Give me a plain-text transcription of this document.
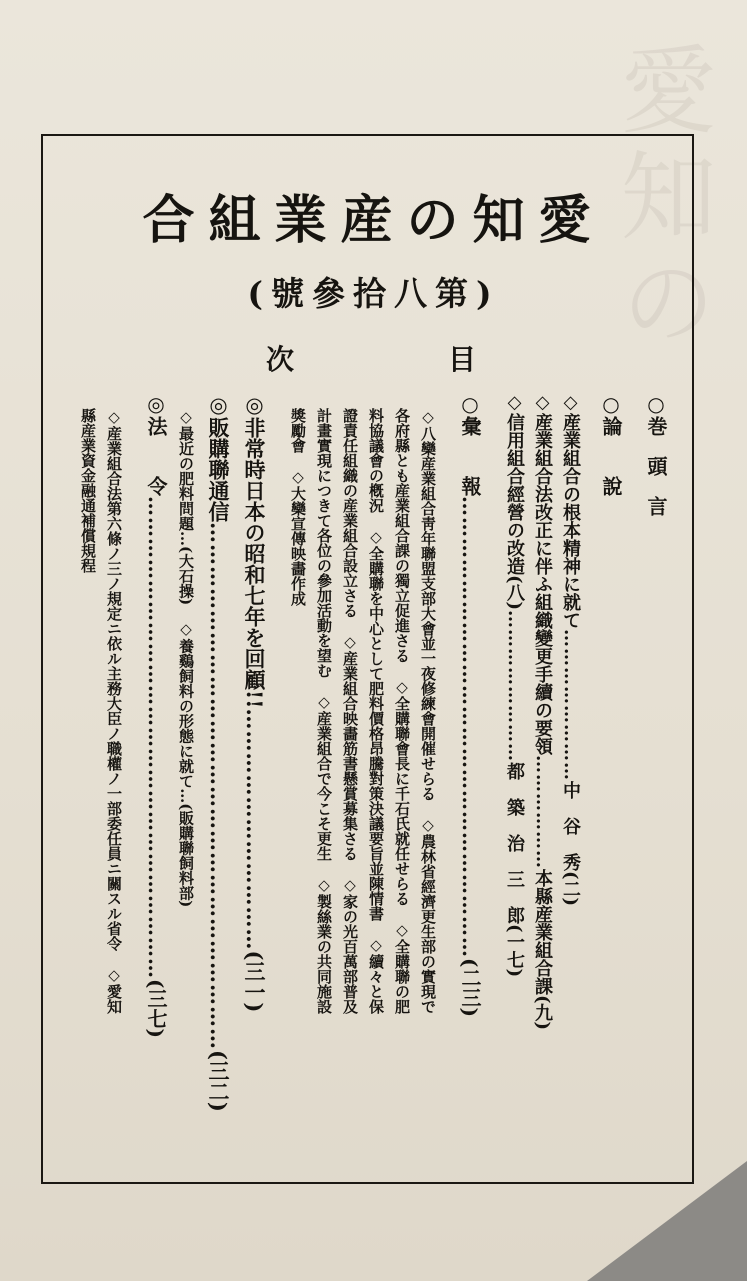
愛知の
愛知の産業組合
(第八拾參號)
目
次
○巻　頭　言
○論　　說
◇産業組合の根本精神に就て……………………中　谷　秀(二)
◇産業組合法改正に伴ふ組織變更手續の要領………………本縣産業組合課(九)
◇信用組合經營の改造(八)……………………都　築　治　三　郎(一七)
○彙　　報…………………………………………………………(二三)
◇八欒産業組合靑年聯盟支部大會並一夜修練會開催せらる　◇農林省經濟更生部の實現で
各府縣とも産業組合課の獨立促進さる　◇全購聯會長に千石氏就任せらる　◇全購聯の肥
料協議會の槪況　◇全購聯を中心として肥料價格昂騰對策決議要旨並陳情書　◇續々と保
證責任組織の産業組合設立さる　◇産業組合映畵筋書懸賞募集さる　◇家の光百萬部普及
計畫實現につきて各位の參加活動を望む　◇産業組合で今こそ更生　◇製絲業の共同施設
獎勵會　◇大欒宣傳映畵作成
◎非常時日本の昭和七年を回顧!!……………………………(三一)
◎販購聯通信………………………………………………………………(三二)
◇最近の肥料問題…(大石操)　◇養鷄飼料の形態に就て…(販購聯飼料部)
◎法　　令……………………………………………………………(三七)
◇産業組合法第六條ノ三ノ規定ニ依ル主務大臣ノ職權ノ一部委任員ニ關スル省令　◇愛知
縣産業資金融通補償規程
